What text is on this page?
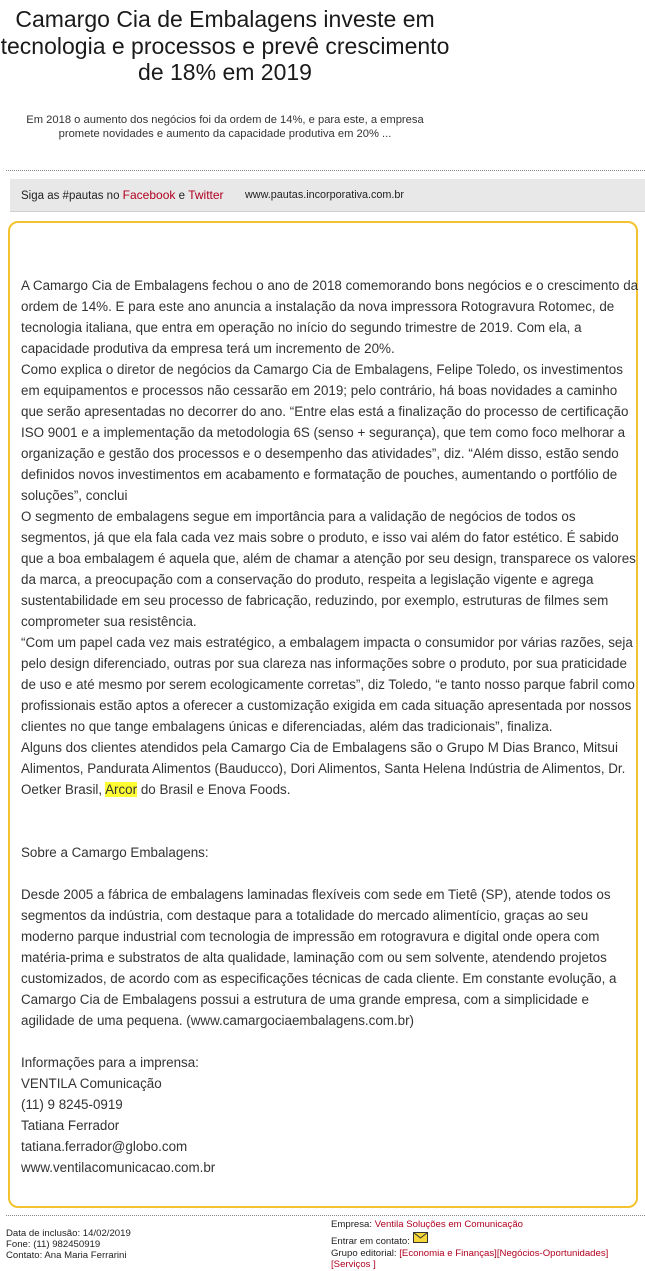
Camargo Cia de Embalagens investe em tecnologia e processos e prevê crescimento de 18% em 2019

Em 2018 o aumento dos negócios foi da ordem de 14%, e para este, a empresa promete novidades e aumento da capacidade produtiva em 20% ...

Siga as #pautas no Facebook e Twitter www.pautas.incorporativa.com.br

A Camargo Cia de Embalagens fechou o ano de 2018 comemorando bons negócios e o crescimento da ordem de 14%. E para este ano anuncia a instalação da nova impressora Rotogravura Rotomec, de tecnologia italiana, que entra em operação no início do segundo trimestre de 2019. Com ela, a capacidade produtiva da empresa terá um incremento de 20%.

Como explica o diretor de negócios da Camargo Cia de Embalagens, Felipe Toledo, os investimentos em equipamentos e processos não cessarão em 2019; pelo contrário, há boas novidades a caminho que serão apresentadas no decorrer do ano. “Entre elas está a finalização do processo de certificação ISO 9001 e a implementação da metodologia 6S (senso + segurança), que tem como foco melhorar a organização e gestão dos processos e o desempenho das atividades”, diz. “Além disso, estão sendo definidos novos investimentos em acabamento e formatação de pouches, aumentando o portfólio de soluções”, conclui

O segmento de embalagens segue em importância para a validação de negócios de todos os segmentos, já que ela fala cada vez mais sobre o produto, e isso vai além do fator estético. É sabido que a boa embalagem é aquela que, além de chamar a atenção por seu design, transparece os valores da marca, a preocupação com a conservação do produto, respeita a legislação vigente e agrega sustentabilidade em seu processo de fabricação, reduzindo, por exemplo, estruturas de filmes sem comprometer sua resistência.

“Com um papel cada vez mais estratégico, a embalagem impacta o consumidor por várias razões, seja pelo design diferenciado, outras por sua clareza nas informações sobre o produto, por sua praticidade de uso e até mesmo por serem ecologicamente corretas”, diz Toledo, “e tanto nosso parque fabril como profissionais estão aptos a oferecer a customização exigida em cada situação apresentada por nossos clientes no que tange embalagens únicas e diferenciadas, além das tradicionais”, finaliza.

Alguns dos clientes atendidos pela Camargo Cia de Embalagens são o Grupo M Dias Branco, Mitsui Alimentos, Pandurata Alimentos (Bauducco), Dori Alimentos, Santa Helena Indústria de Alimentos, Dr. Oetker Brasil, Arcor do Brasil e Enova Foods.

Sobre a Camargo Embalagens:

Desde 2005 a fábrica de embalagens laminadas flexíveis com sede em Tietê (SP), atende todos os segmentos da indústria, com destaque para a totalidade do mercado alimentício, graças ao seu moderno parque industrial com tecnologia de impressão em rotogravura e digital onde opera com matéria-prima e substratos de alta qualidade, laminação com ou sem solvente, atendendo projetos customizados, de acordo com as especificações técnicas de cada cliente. Em constante evolução, a Camargo Cia de Embalagens possui a estrutura de uma grande empresa, com a simplicidade e agilidade de uma pequena. (www.camargociaembalagens.com.br)

Informações para a imprensa:

VENTILA Comunicação

(11) 9 8245-0919

Tatiana Ferrador

tatiana.ferrador@globo.com

www.ventilacomunicacao.com.br

Data de inclusão: 14/02/2019
Fone: (11) 982450919
Contato: Ana Maria Ferrarini
Empresa: Ventila Soluções em Comunicação
Entrar em contato:
Grupo editorial: [Economia e Finanças][Negócios-Oportunidades] [Serviços ]
